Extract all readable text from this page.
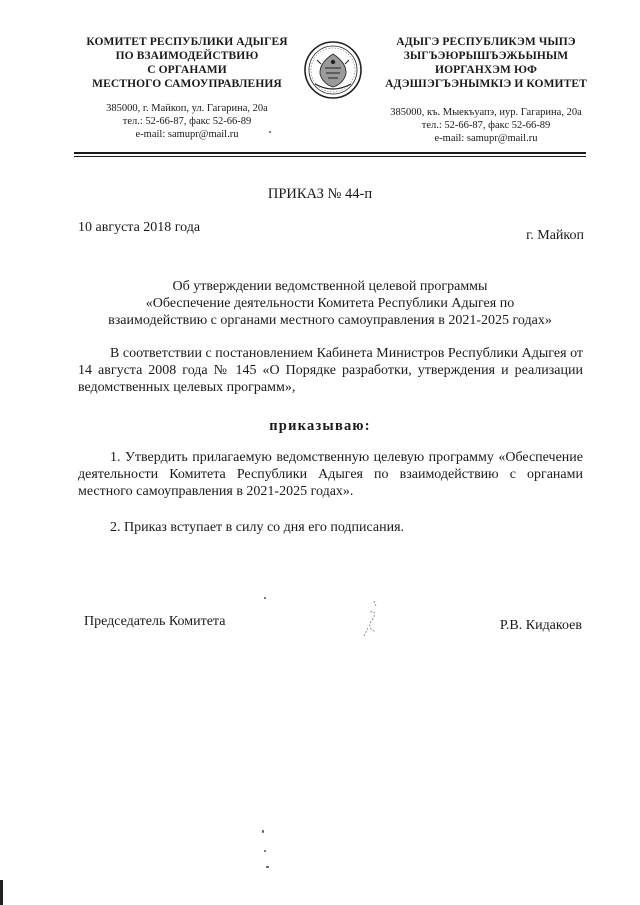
КОМИТЕТ РЕСПУБЛИКИ АДЫГЕЯ
ПО ВЗАИМОДЕЙСТВИЮ
С ОРГАНАМИ
МЕСТНОГО САМОУПРАВЛЕНИЯ
АДЫГЭ РЕСПУБЛИКЭМ ЧЫПЭ
ЗЫГЪЭЮРЫШЪЭЖЬЫНЫМ
ИОРГАНХЭМ ЮФ
АДЭШІЭГЪЭНЫМКІЭ И КОМИТЕТ
385000, г. Майкоп, ул. Гагарина, 20а
тел.: 52-66-87, факс 52-66-89
e-mail: samupr@mail.ru
385000, къ. Мыекъуапэ, иур. Гагарина, 20а
тел.: 52-66-87, факс 52-66-89
e-mail: samupr@mail.ru
ПРИКАЗ № 44-п
10 августа 2018 года
г. Майкоп
Об утверждении ведомственной целевой программы
«Обеспечение деятельности Комитета Республики Адыгея по
взаимодействию с органами местного самоуправления в 2021-2025 годах»
В соответствии с постановлением Кабинета Министров Республики Адыгея от 14 августа 2008 года № 145 «О Порядке разработки, утверждения и реализации ведомственных целевых программ»,
приказываю:
1. Утвердить прилагаемую ведомственную целевую программу «Обеспечение деятельности Комитета Республики Адыгея по взаимодействию с органами местного самоуправления в 2021-2025 годах».
2. Приказ вступает в силу со дня его подписания.
Председатель Комитета	Р.В. Кидакоев
